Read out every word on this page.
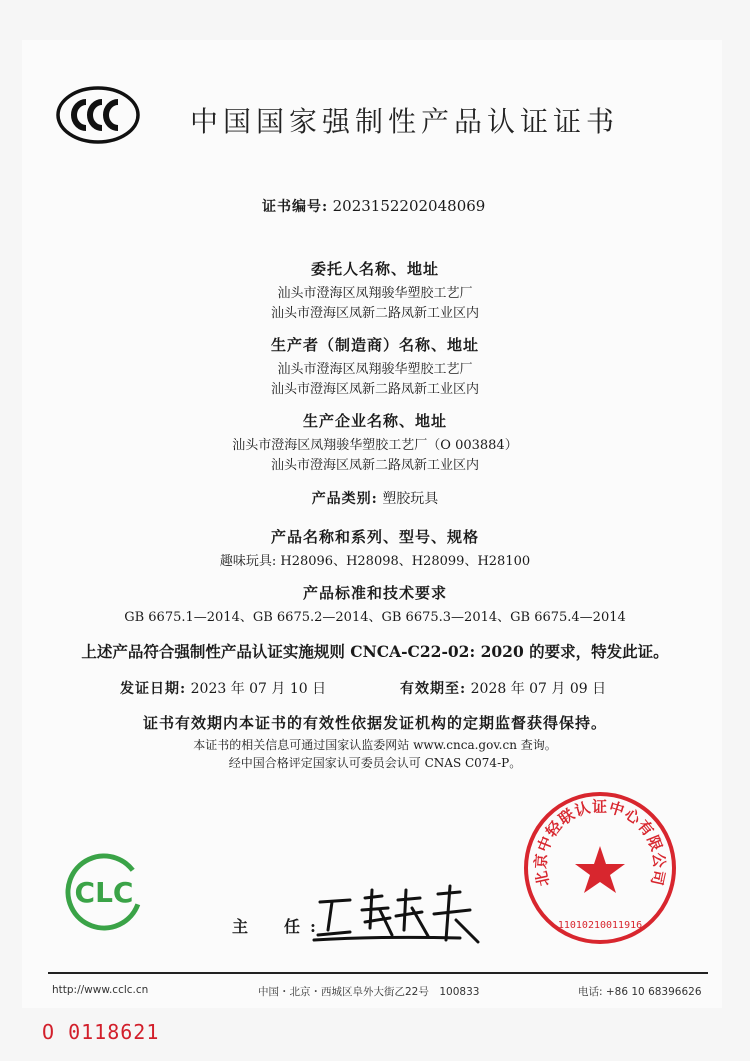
中国国家强制性产品认证证书
证书编号: 2023152202048069
委托人名称、地址
汕头市澄海区凤翔骏华塑胶工艺厂
汕头市澄海区凤新二路凤新工业区内
生产者（制造商）名称、地址
汕头市澄海区凤翔骏华塑胶工艺厂
汕头市澄海区凤新二路凤新工业区内
生产企业名称、地址
汕头市澄海区凤翔骏华塑胶工艺厂（O 003884）
汕头市澄海区凤新二路凤新工业区内
产品类别: 塑胶玩具
产品名称和系列、型号、规格
趣味玩具: H28096、H28098、H28099、H28100
产品标准和技术要求
GB 6675.1—2014、GB 6675.2—2014、GB 6675.3—2014、GB 6675.4—2014
上述产品符合强制性产品认证实施规则 CNCA-C22-02: 2020 的要求，特发此证。
发证日期: 2023 年 07 月 10 日	有效期至: 2028 年 07 月 09 日
证书有效期内本证书的有效性依据发证机构的定期监督获得保持。
本证书的相关信息可通过国家认监委网站 www.cnca.gov.cn 查询。
经中国合格评定国家认可委员会认可 CNAS C074-P。
CLC
主　任:
北京中轻联认证中心有限公司
1101021001191​6
http://www.cclc.cn	中国・北京・西城区阜外大街乙22号　100833	电话: +86 10 68396626
O 0118621
